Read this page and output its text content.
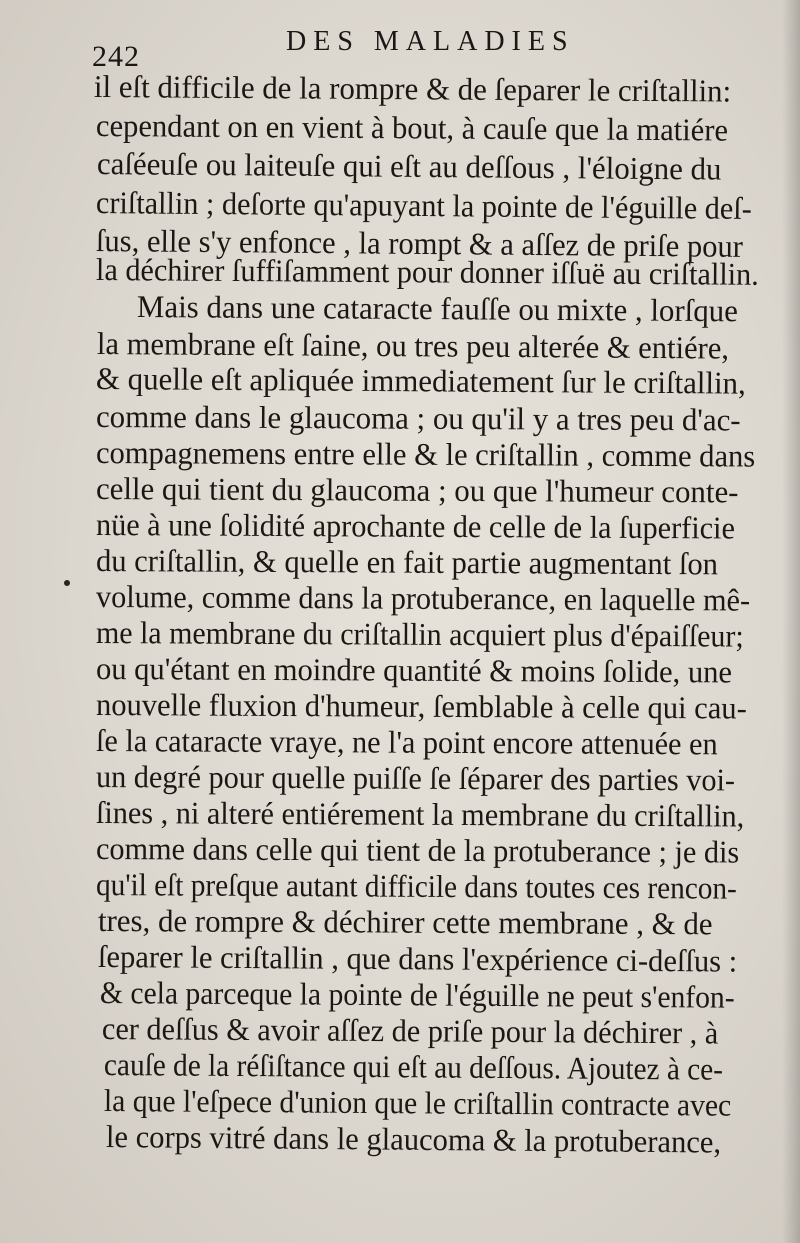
242	DES MALADIES
il eſt difficile de la rompre & de ſeparer le criſtallin:
cependant on en vient à bout, à cauſe que la matiére
caſéeuſe ou laiteuſe qui eſt au deſſous , l'éloigne du
criſtallin ; deſorte qu'apuyant la pointe de l'éguille deſ-
ſus, elle s'y enfonce , la rompt & a aſſez de priſe pour
la déchirer ſuffiſamment pour donner iſſuë au criſtallin.
Mais dans une cataracte fauſſe ou mixte , lorſque
la membrane eſt ſaine, ou tres peu alterée & entiére,
& quelle eſt apliquée immediatement ſur le criſtallin,
comme dans le glaucoma ; ou qu'il y a tres peu d'ac-
compagnemens entre elle & le criſtallin , comme dans
celle qui tient du glaucoma ; ou que l'humeur conte-
nüe à une ſolidité aprochante de celle de la ſuperficie
du criſtallin, & quelle en fait partie augmentant ſon
volume, comme dans la protuberance, en laquelle mê-
me la membrane du criſtallin acquiert plus d'épaiſſeur;
ou qu'étant en moindre quantité & moins ſolide, une
nouvelle fluxion d'humeur, ſemblable à celle qui cau-
ſe la cataracte vraye, ne l'a point encore attenuée en
un degré pour quelle puiſſe ſe ſéparer des parties voi-
ſines , ni alteré entiérement la membrane du criſtallin,
comme dans celle qui tient de la protuberance ; je dis
qu'il eſt preſque autant difficile dans toutes ces rencon-
tres, de rompre & déchirer cette membrane , & de
ſeparer le criſtallin , que dans l'expérience ci-deſſus :
& cela parceque la pointe de l'éguille ne peut s'enfon-
cer deſſus & avoir aſſez de priſe pour la déchirer , à
cauſe de la réſiſtance qui eſt au deſſous. Ajoutez à ce-
la que l'eſpece d'union que le criſtallin contracte avec
le corps vitré dans le glaucoma & la protuberance,
